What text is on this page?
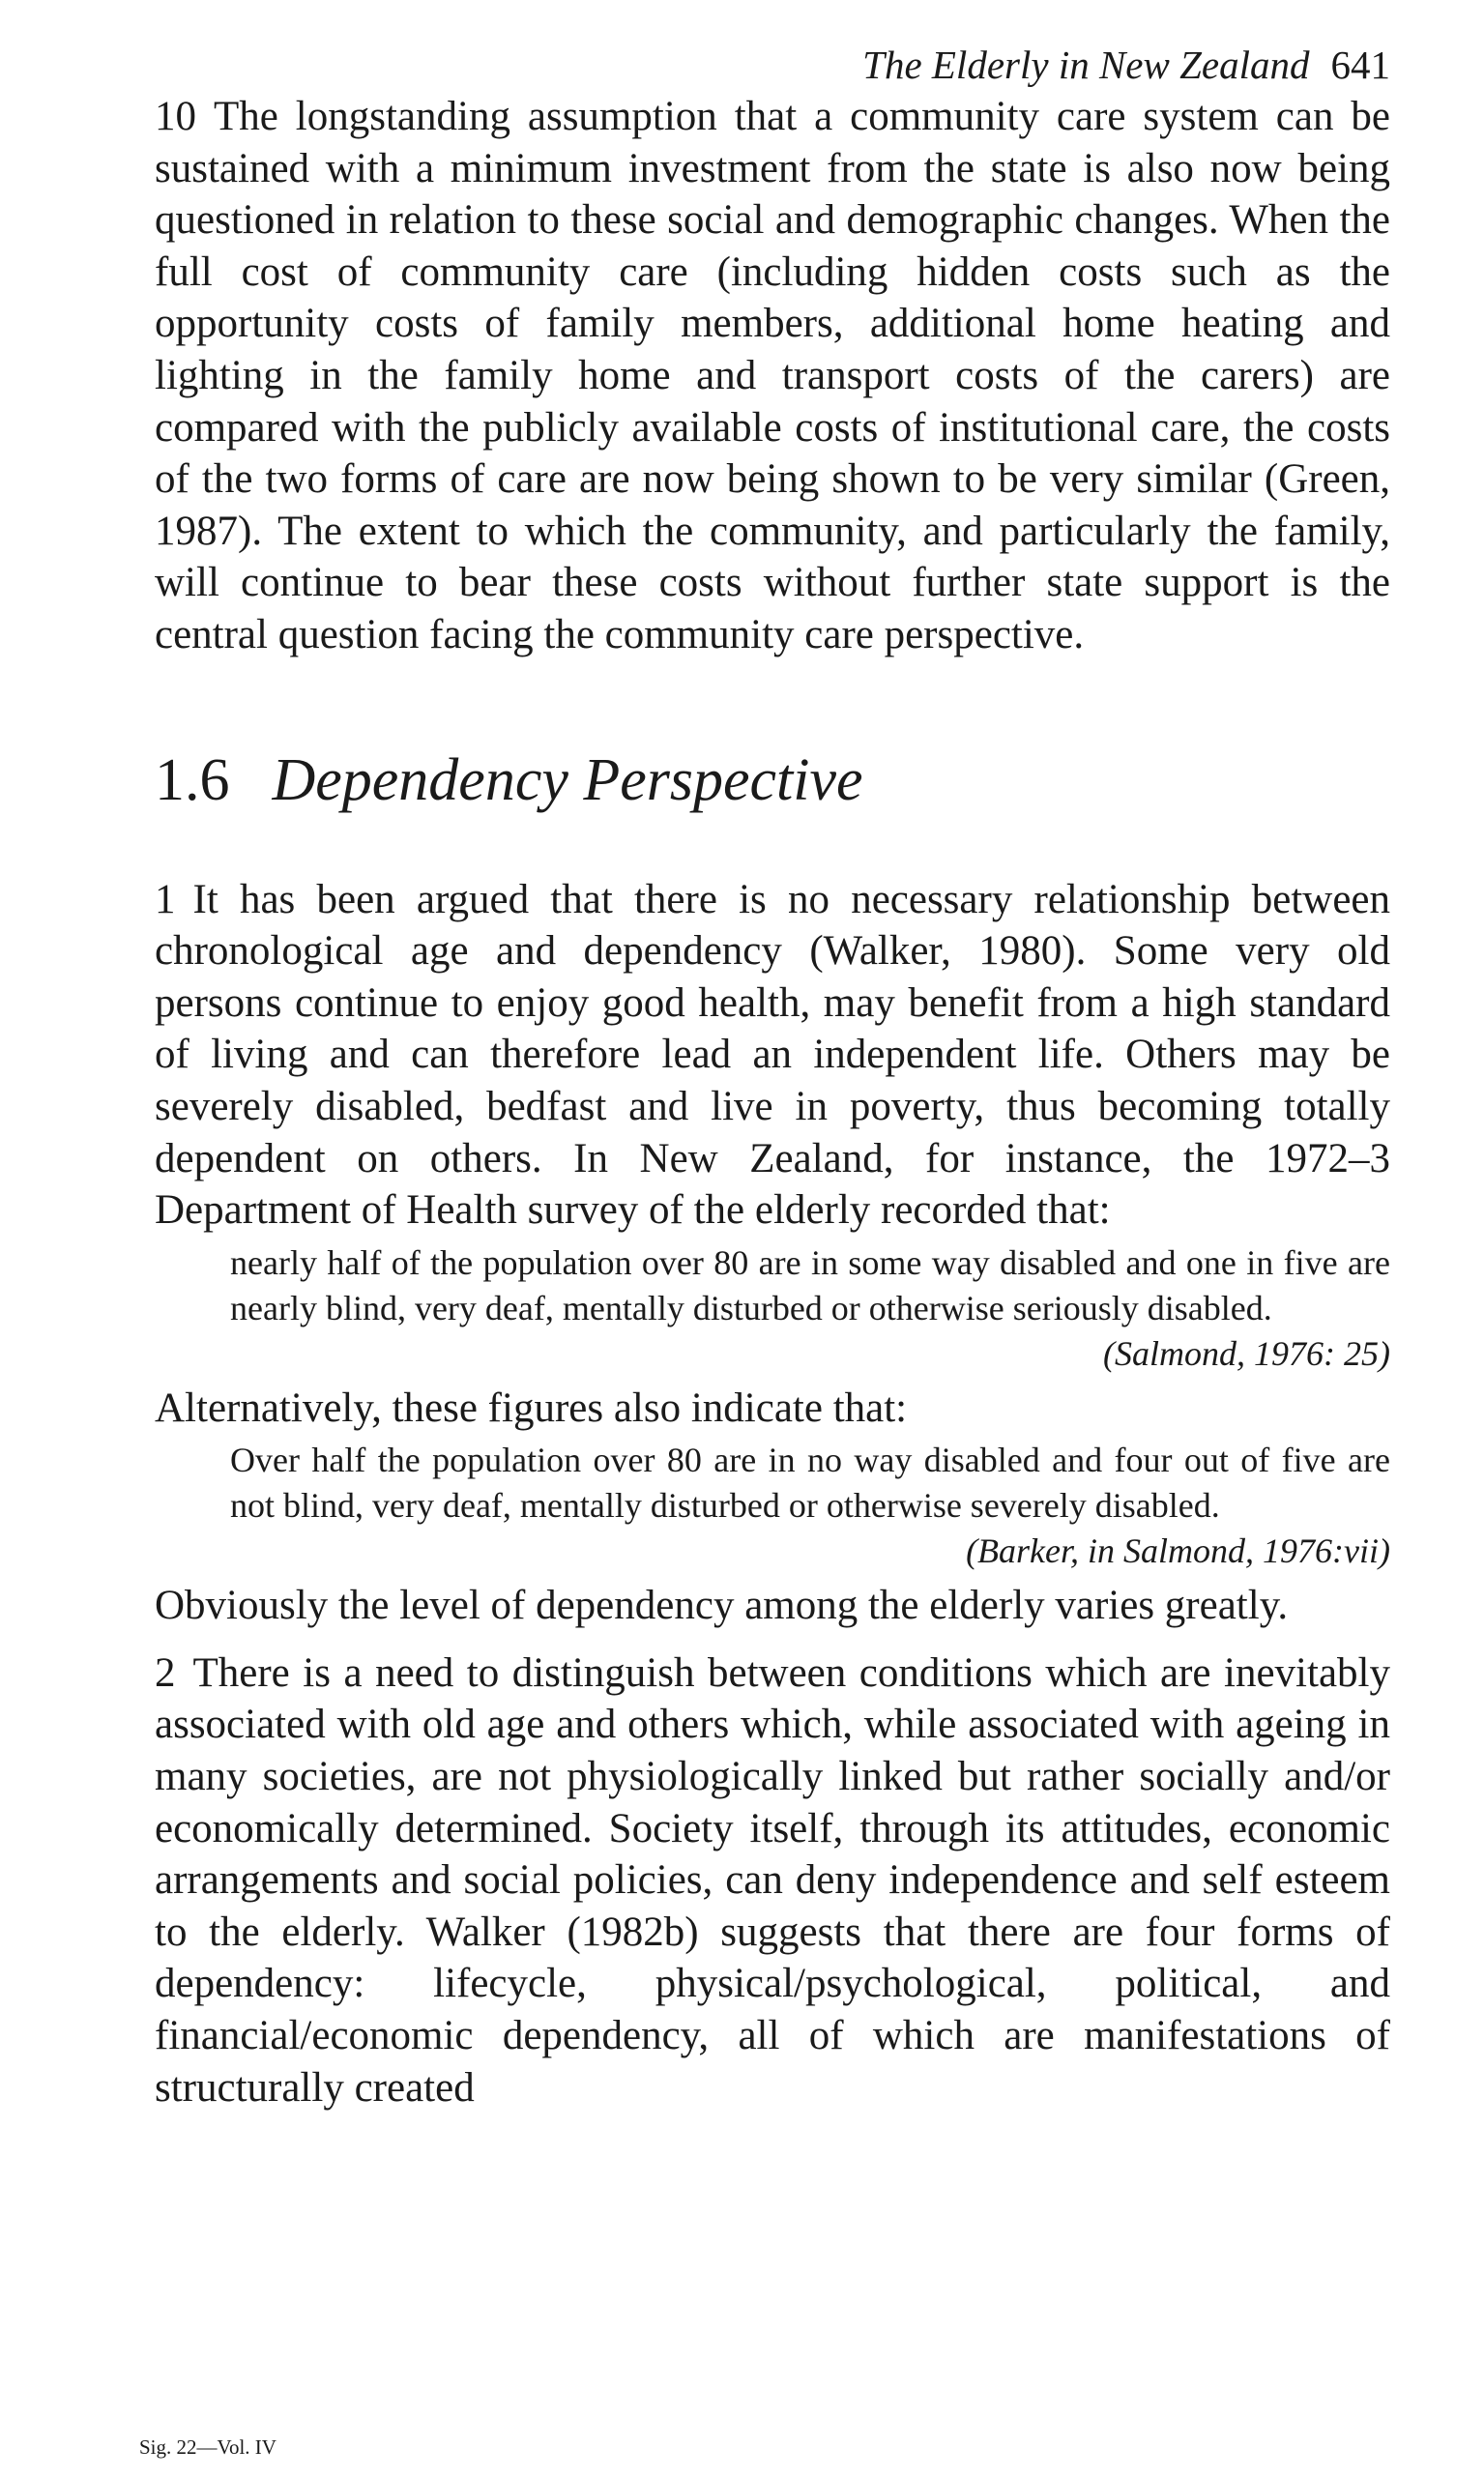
The Elderly in New Zealand 641

10 The longstanding assumption that a community care system can be sustained with a minimum investment from the state is also now being questioned in relation to these social and demographic changes. When the full cost of community care (including hidden costs such as the opportunity costs of family members, additional home heating and lighting in the family home and transport costs of the carers) are compared with the publicly available costs of institutional care, the costs of the two forms of care are now being shown to be very similar (Green, 1987). The extent to which the community, and particularly the family, will continue to bear these costs without further state support is the central question facing the community care perspective.

1.6 Dependency Perspective

1 It has been argued that there is no necessary relationship between chronological age and dependency (Walker, 1980). Some very old persons continue to enjoy good health, may benefit from a high standard of living and can therefore lead an independent life. Others may be severely disabled, bedfast and live in poverty, thus becoming totally dependent on others. In New Zealand, for instance, the 1972–3 Department of Health survey of the elderly recorded that:

nearly half of the population over 80 are in some way disabled and one in five are nearly blind, very deaf, mentally disturbed or otherwise seriously disabled.
(Salmond, 1976: 25)

Alternatively, these figures also indicate that:

Over half the population over 80 are in no way disabled and four out of five are not blind, very deaf, mentally disturbed or otherwise severely disabled.
(Barker, in Salmond, 1976:vii)

Obviously the level of dependency among the elderly varies greatly.

2 There is a need to distinguish between conditions which are inevitably associated with old age and others which, while associated with ageing in many societies, are not physiologically linked but rather socially and/or economically determined. Society itself, through its attitudes, economic arrangements and social policies, can deny independence and self esteem to the elderly. Walker (1982b) suggests that there are four forms of dependency: lifecycle, physical/psychological, political, and financial/economic dependency, all of which are manifestations of structurally created

Sig. 22—Vol. IV
